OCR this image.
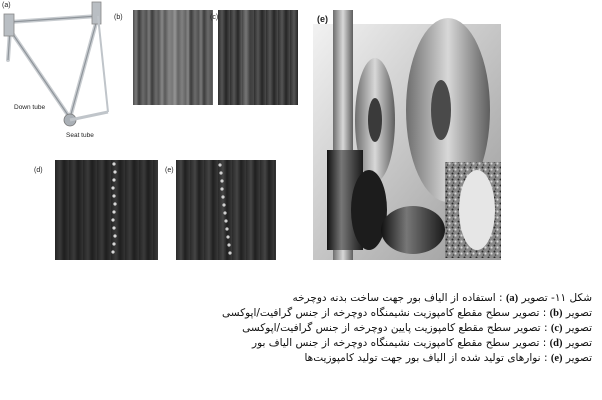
(a)
Down tube
Seat tube
(b)	(c)
(d)	(e)
(e)
شکل ۱۱- تصویر (a) : استفاده از الیاف بور جهت ساخت بدنه دوچرخه
تصویر (b) : تصویر سطح مقطع کامپوزیت نشیمنگاه دوچرخه از جنس گرافیت/اپوکسی
تصویر (c) : تصویر سطح مقطع کامپوزیت پایین دوچرخه از جنس گرافیت/اپوکسی
تصویر (d) : تصویر سطح مقطع کامپوزیت نشیمنگاه دوچرخه از جنس الیاف بور
تصویر (e) : نوارهای تولید شده از الیاف بور جهت تولید کامپوزیت‌ها
